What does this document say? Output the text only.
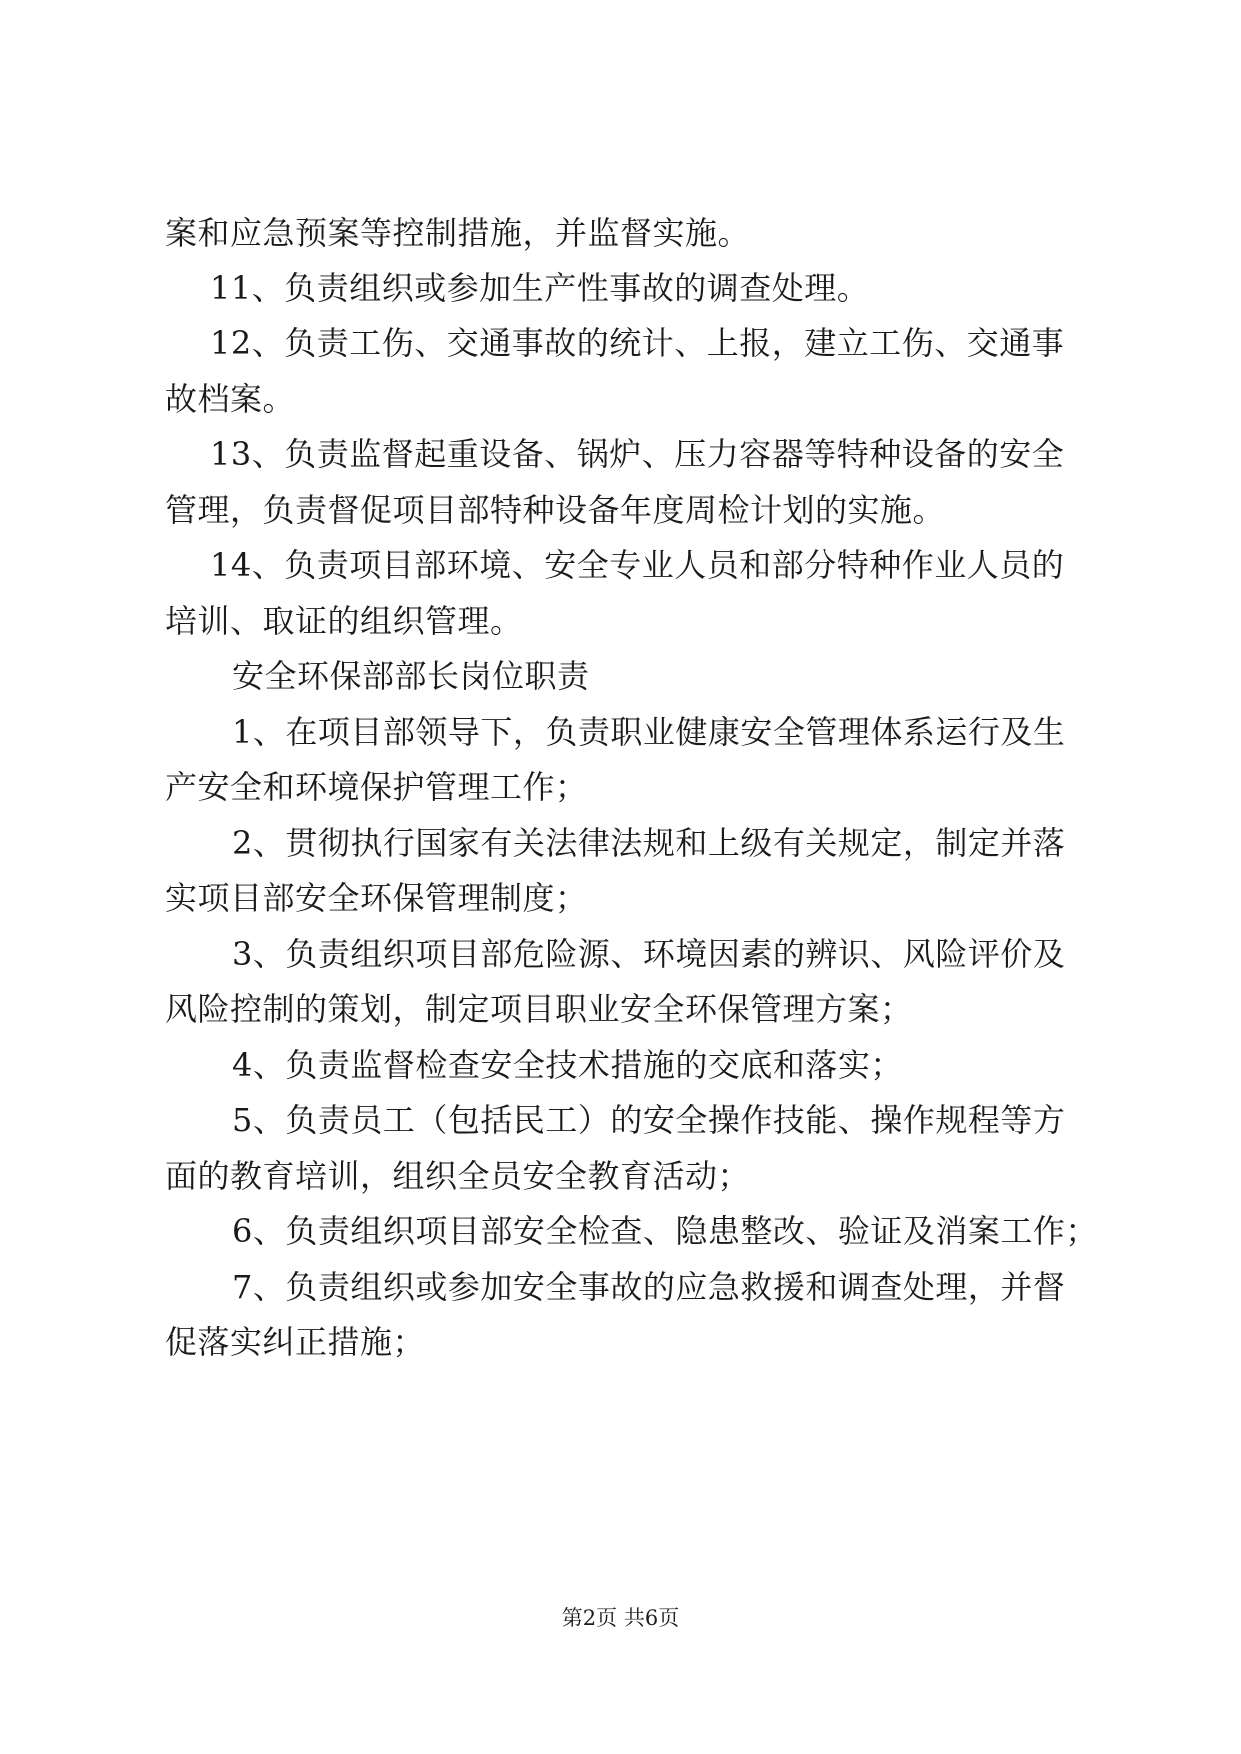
案和应急预案等控制措施，并监督实施。
11、负责组织或参加生产性事故的调查处理。
12、负责工伤、交通事故的统计、上报，建立工伤、交通事
故档案。
13、负责监督起重设备、锅炉、压力容器等特种设备的安全
管理，负责督促项目部特种设备年度周检计划的实施。
14、负责项目部环境、安全专业人员和部分特种作业人员的
培训、取证的组织管理。
安全环保部部长岗位职责
1、在项目部领导下，负责职业健康安全管理体系运行及生
产安全和环境保护管理工作；
2、贯彻执行国家有关法律法规和上级有关规定，制定并落
实项目部安全环保管理制度；
3、负责组织项目部危险源、环境因素的辨识、风险评价及
风险控制的策划，制定项目职业安全环保管理方案；
4、负责监督检查安全技术措施的交底和落实；
5、负责员工（包括民工）的安全操作技能、操作规程等方
面的教育培训，组织全员安全教育活动；
6、负责组织项目部安全检查、隐患整改、验证及消案工作；
7、负责组织或参加安全事故的应急救援和调查处理，并督
促落实纠正措施；
第2页 共6页
